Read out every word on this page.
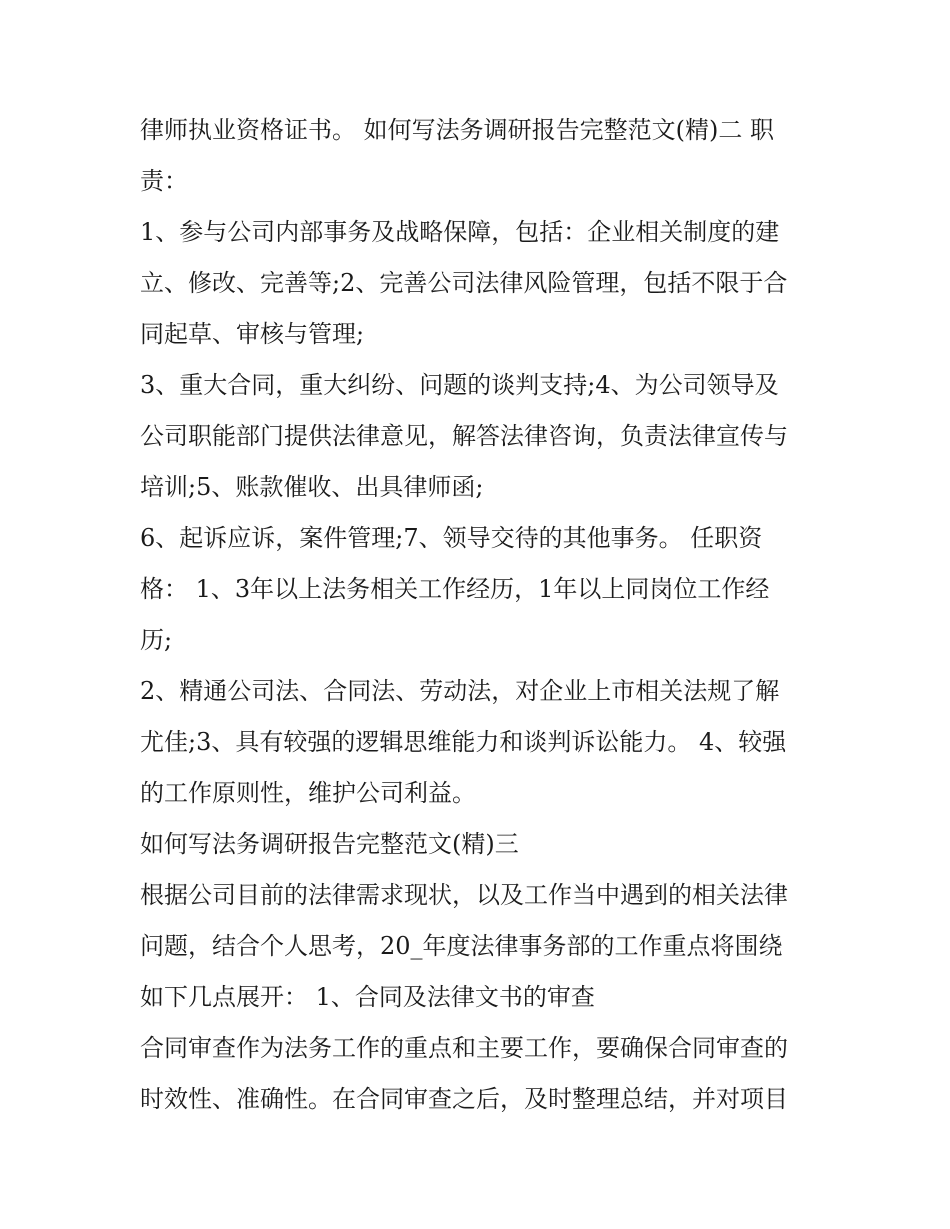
律师执业资格证书。 如何写法务调研报告完整范文(精)二 职
责：
1、参与公司内部事务及战略保障，包括：企业相关制度的建
立、修改、完善等;2、完善公司法律风险管理，包括不限于合
同起草、审核与管理;
3、重大合同，重大纠纷、问题的谈判支持;4、为公司领导及
公司职能部门提供法律意见，解答法律咨询，负责法律宣传与
培训;5、账款催收、出具律师函;
6、起诉应诉，案件管理;7、领导交待的其他事务。 任职资
格： 1、3年以上法务相关工作经历，1年以上同岗位工作经
历;
2、精通公司法、合同法、劳动法，对企业上市相关法规了解
尤佳;3、具有较强的逻辑思维能力和谈判诉讼能力。 4、较强
的工作原则性，维护公司利益。
如何写法务调研报告完整范文(精)三
根据公司目前的法律需求现状，以及工作当中遇到的相关法律
问题，结合个人思考，20_年度法律事务部的工作重点将围绕
如下几点展开： 1、合同及法律文书的审查
合同审查作为法务工作的重点和主要工作，要确保合同审查的
时效性、准确性。在合同审查之后，及时整理总结，并对项目
